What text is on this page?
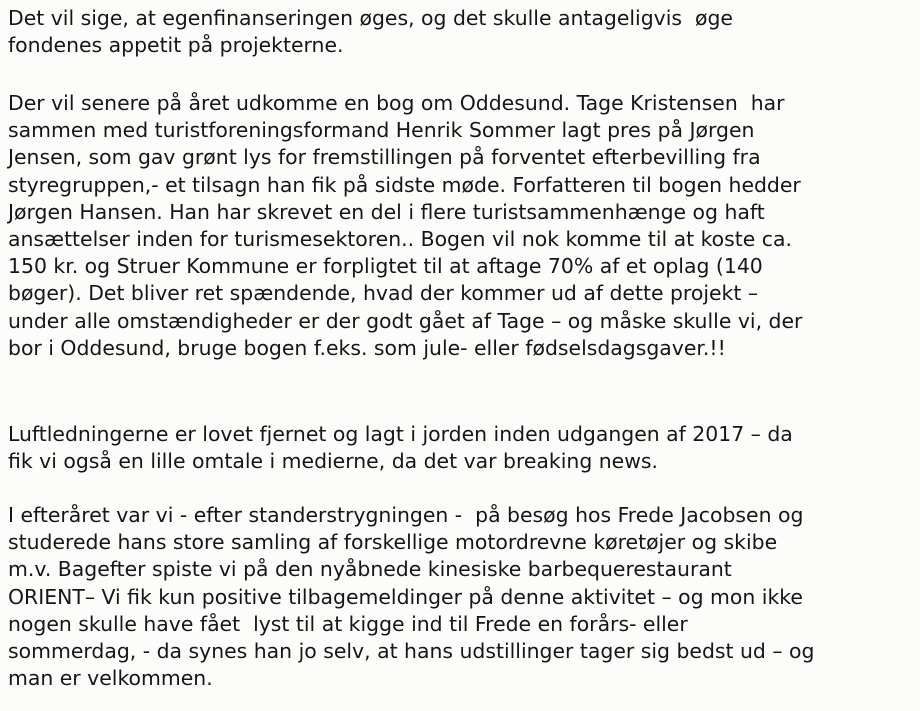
Det vil sige, at egenfinanseringen øges, og det skulle antageligvis  øge
fondenes appetit på projekterne.

Der vil senere på året udkomme en bog om Oddesund. Tage Kristensen  har
sammen med turistforeningsformand Henrik Sommer lagt pres på Jørgen
Jensen, som gav grønt lys for fremstillingen på forventet efterbevilling fra
styregruppen,- et tilsagn han fik på sidste møde. Forfatteren til bogen hedder
Jørgen Hansen. Han har skrevet en del i flere turistsammenhænge og haft
ansættelser inden for turismesektoren.. Bogen vil nok komme til at koste ca.
150 kr. og Struer Kommune er forpligtet til at aftage 70% af et oplag (140
bøger). Det bliver ret spændende, hvad der kommer ud af dette projekt –
under alle omstændigheder er der godt gået af Tage – og måske skulle vi, der
bor i Oddesund, bruge bogen f.eks. som jule- eller fødselsdagsgaver.!!

Luftledningerne er lovet fjernet og lagt i jorden inden udgangen af 2017 – da
fik vi også en lille omtale i medierne, da det var breaking news.

I efteråret var vi - efter standerstrygningen -  på besøg hos Frede Jacobsen og
studerede hans store samling af forskellige motordrevne køretøjer og skibe
m.v. Bagefter spiste vi på den nyåbnede kinesiske barbequerestaurant
ORIENT– Vi fik kun positive tilbagemeldinger på denne aktivitet – og mon ikke
nogen skulle have fået  lyst til at kigge ind til Frede en forårs- eller
sommerdag, - da synes han jo selv, at hans udstillinger tager sig bedst ud – og
man er velkommen.
